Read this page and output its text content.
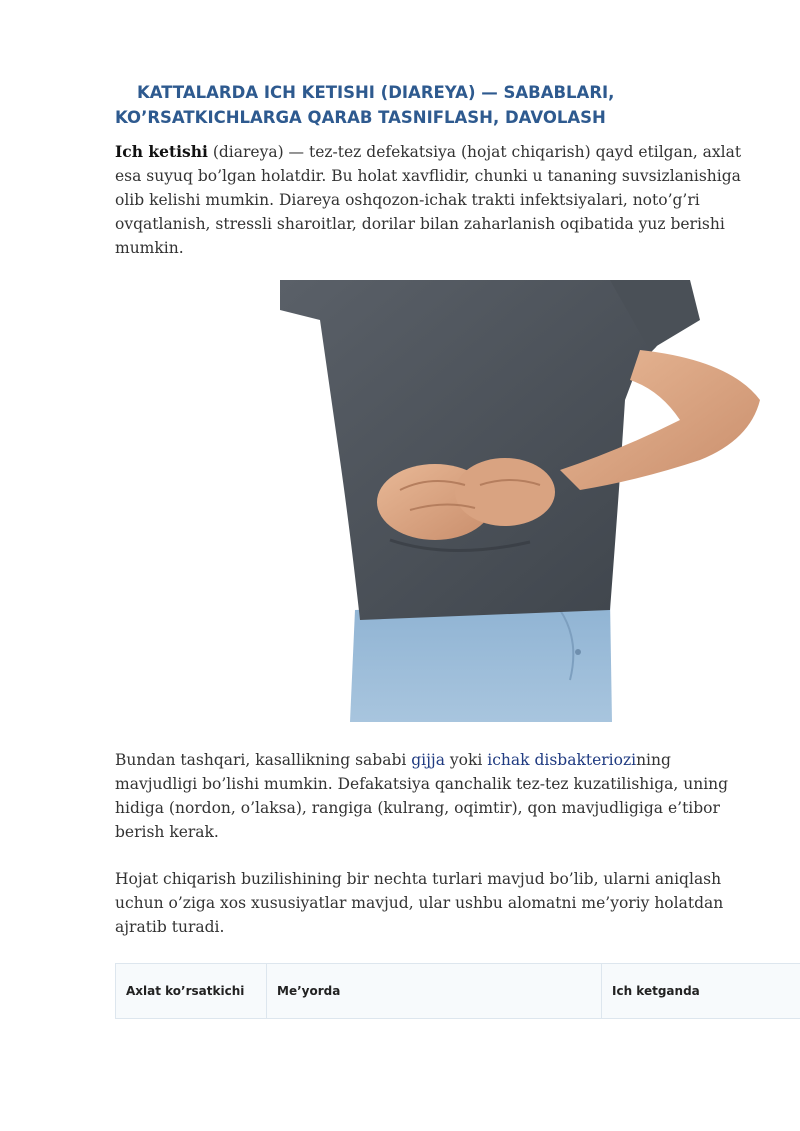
KATTALARDA ICH KETISHI (DIAREYA) — SABABLARI,
KO’RSATKICHLARGA QARAB TASNIFLASH, DAVOLASH

Ich ketishi (diareya) — tez-tez defekatsiya (hojat chiqarish) qayd etilgan, axlat esa suyuq bo’lgan holatdir. Bu holat xavflidir, chunki u tananing suvsizlanishiga olib kelishi mumkin. Diareya oshqozon-ichak trakti infektsiyalari, noto’g’ri ovqatlanish, stressli sharoitlar, dorilar bilan zaharlanish oqibatida yuz berishi mumkin.

Bundan tashqari, kasallikning sababi gijja yoki ichak disbakteriozining mavjudligi bo’lishi mumkin. Defakatsiya qanchalik tez-tez kuzatilishiga, uning hidiga (nordon, o’laksa), rangiga (kulrang, oqimtir), qon mavjudligiga e’tibor berish kerak.

Hojat chiqarish buzilishining bir nechta turlari mavjud bo’lib, ularni aniqlash uchun o’ziga xos xususiyatlar mavjud, ular ushbu alomatni me’yoriy holatdan ajratib turadi.

Axlat ko’rsatkichi	Me’yorda	Ich ketganda
